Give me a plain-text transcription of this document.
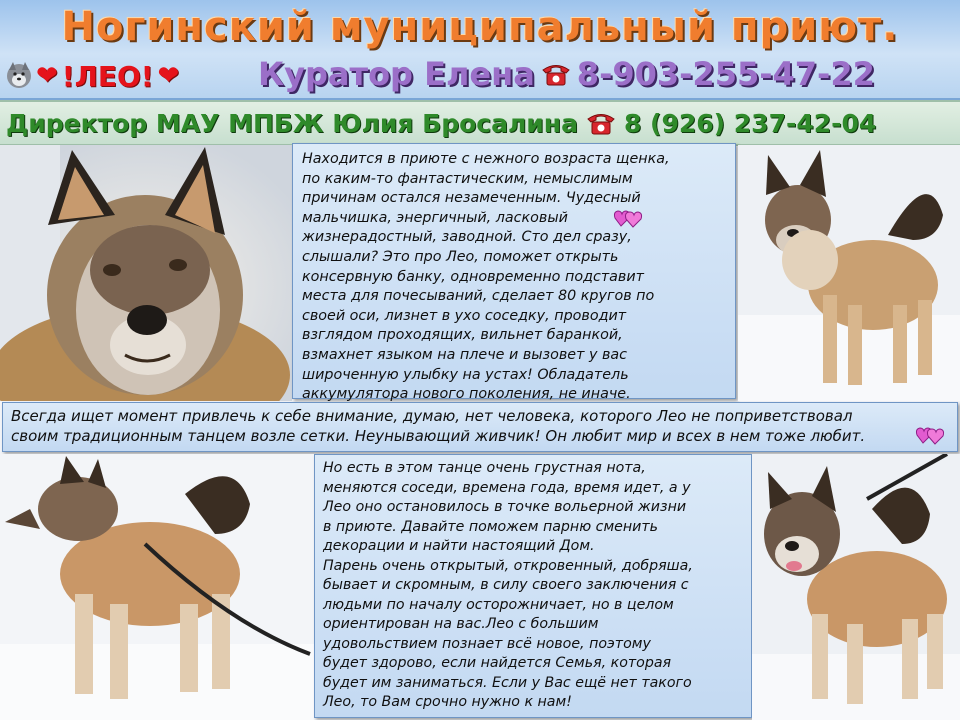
Ногинский муниципальный приют.
❤ !ЛЕО! ❤ Куратор Елена 8-903-255-47-22
Директор МАУ МПБЖ Юлия Бросалина 8 (926) 237-42-04

Находится в приюте с нежного возраста щенка,
по каким-то фантастическим, немыслимым
причинам остался незамеченным. Чудесный
мальчишка, энергичный, ласковый
жизнерадостный, заводной. Сто дел сразу,
слышали? Это про Лео, поможет открыть
консервную банку, одновременно подставит
места для почесываний, сделает 80 кругов по
своей оси, лизнет в ухо соседку, проводит
взглядом проходящих, вильнет баранкой,
взмахнет языком на плече и вызовет у вас
широченную улыбку на устах! Обладатель
аккумулятора нового поколения, не иначе.

Всегда ищет момент привлечь к себе внимание, думаю, нет человека, которого Лео не поприветствовал
своим традиционным танцем возле сетки. Неунывающий живчик! Он любит мир и всех в нем тоже любит.

Но есть в этом танце очень грустная нота,
меняются соседи, времена года, время идет, а у
Лео оно остановилось в точке вольерной жизни
в приюте. Давайте поможем парню сменить
декорации и найти настоящий Дом.
Парень очень открытый, откровенный, добряша,
бывает и скромным, в силу своего заключения с
людьми по началу осторожничает, но в целом
ориентирован на вас.Лео с большим
удовольствием познает всё новое, поэтому
будет здорово, если найдется Семья, которая
будет им заниматься. Если у Вас ещё нет такого
Лео, то Вам срочно нужно к нам!
